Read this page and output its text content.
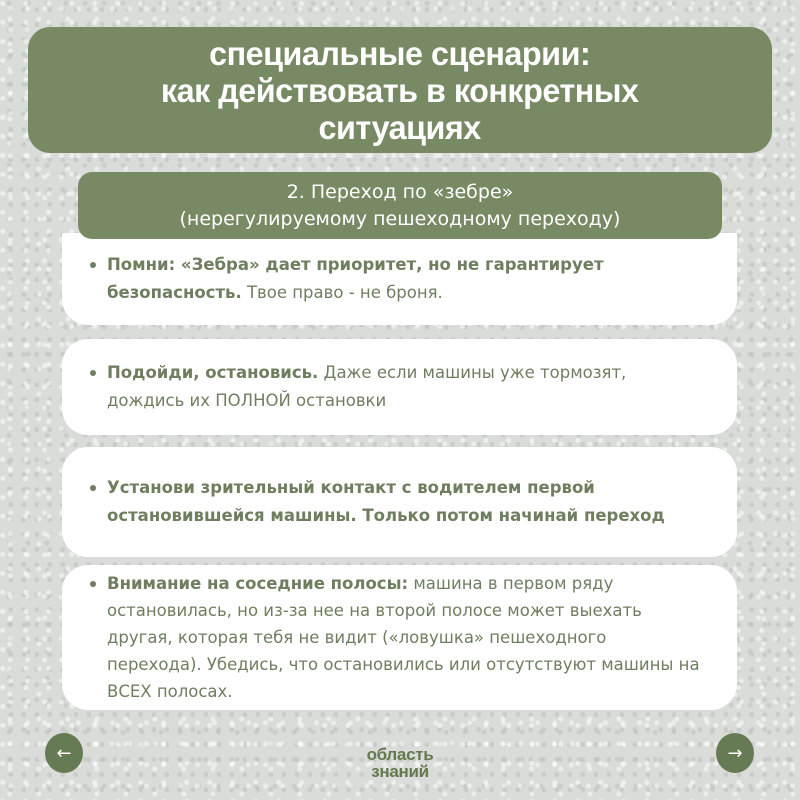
специальные сценарии:
как действовать в конкретных
ситуациях
2. Переход по «зебре»
(нерегулируемому пешеходному переходу)
Помни: «Зебра» дает приоритет, но не гарантирует безопасность. Твое право - не броня.
Подойди, остановись. Даже если машины уже тормозят, дождись их ПОЛНОЙ остановки
Установи зрительный контакт с водителем первой остановившейся машины. Только потом начинай переход
Внимание на соседние полосы: машина в первом ряду остановилась, но из-за нее на второй полосе может выехать другая, которая тебя не видит («ловушка» пешеходного перехода). Убедись, что остановились или отсутствуют машины на ВСЕХ полосах.
←	область
знаний
→
